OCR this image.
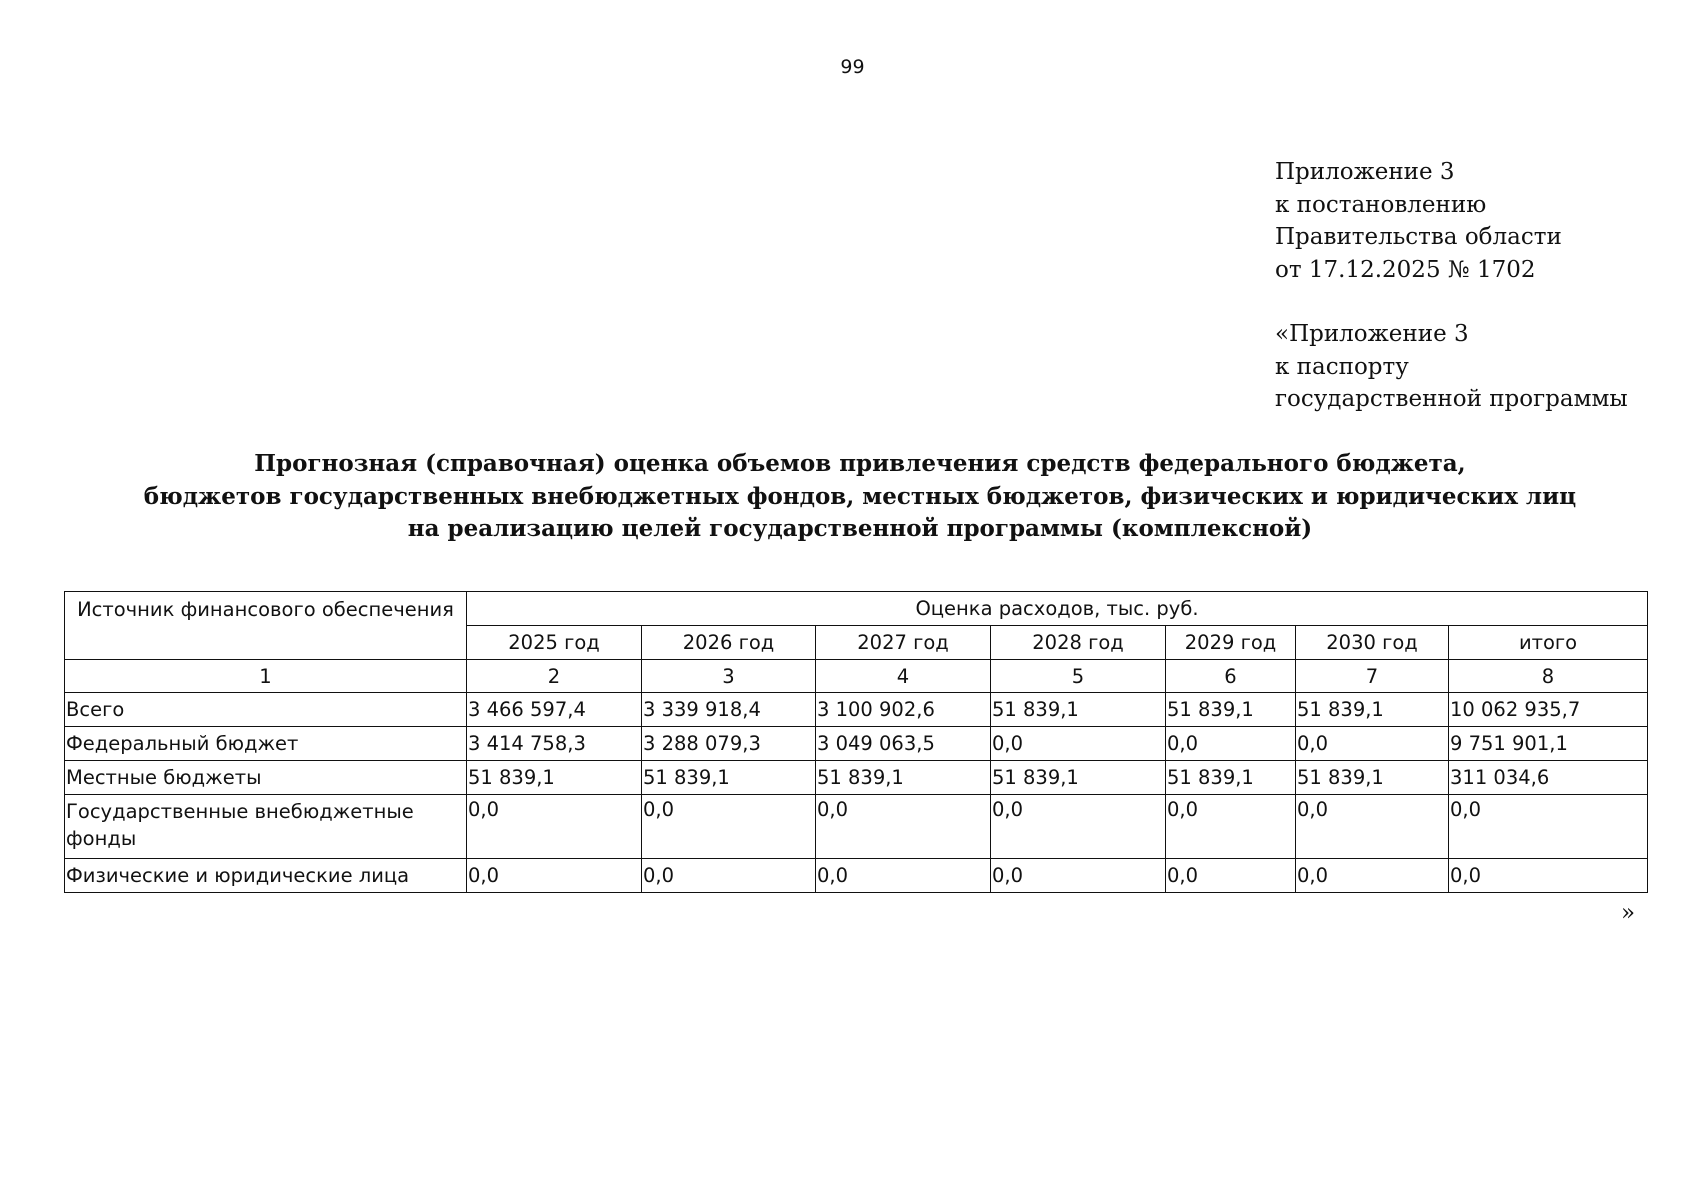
99
Приложение 3
к постановлению
Правительства области
от 17.12.2025 № 1702
«Приложение 3
к паспорту
государственной программы
Прогнозная (справочная) оценка объемов привлечения средств федерального бюджета,
бюджетов государственных внебюджетных фондов, местных бюджетов, физических и юридических лиц
на реализацию целей государственной программы (комплексной)
Источник финансового обеспечения	Оценка расходов, тыс. руб.						
	2025 год	2026 год	2027 год	2028 год	2029 год	2030 год	итого
1	2	3	4	5	6	7	8
Всего	3 466 597,4	3 339 918,4	3 100 902,6	51 839,1	51 839,1	51 839,1	10 062 935,7
Федеральный бюджет	3 414 758,3	3 288 079,3	3 049 063,5	0,0	0,0	0,0	9 751 901,1
Местные бюджеты	51 839,1	51 839,1	51 839,1	51 839,1	51 839,1	51 839,1	311 034,6
Государственные внебюджетные фонды	0,0	0,0	0,0	0,0	0,0	0,0	0,0
Физические и юридические лица	0,0	0,0	0,0	0,0	0,0	0,0	0,0
»
